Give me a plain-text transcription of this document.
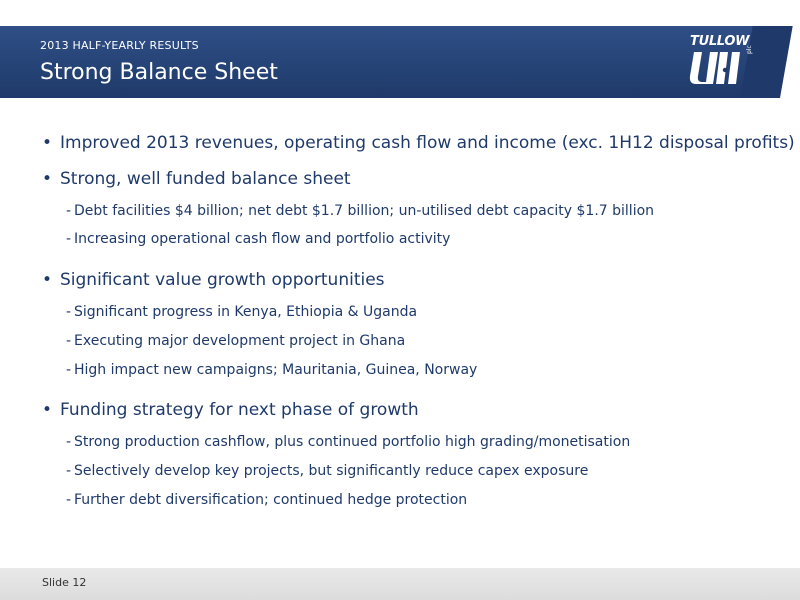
2013 HALF-YEARLY RESULTS
Strong Balance Sheet
TULLOW
plc
• Improved 2013 revenues, operating cash flow and income (exc. 1H12 disposal profits)
• Strong, well funded balance sheet
- Debt facilities $4 billion; net debt $1.7 billion; un-utilised debt capacity $1.7 billion
- Increasing operational cash flow and portfolio activity
• Significant value growth opportunities
- Significant progress in Kenya, Ethiopia & Uganda
- Executing major development project in Ghana
- High impact new campaigns; Mauritania, Guinea, Norway
• Funding strategy for next phase of growth
- Strong production cashflow, plus continued portfolio high grading/monetisation
- Selectively develop key projects, but significantly reduce capex exposure
- Further debt diversification; continued hedge protection
Slide 12
